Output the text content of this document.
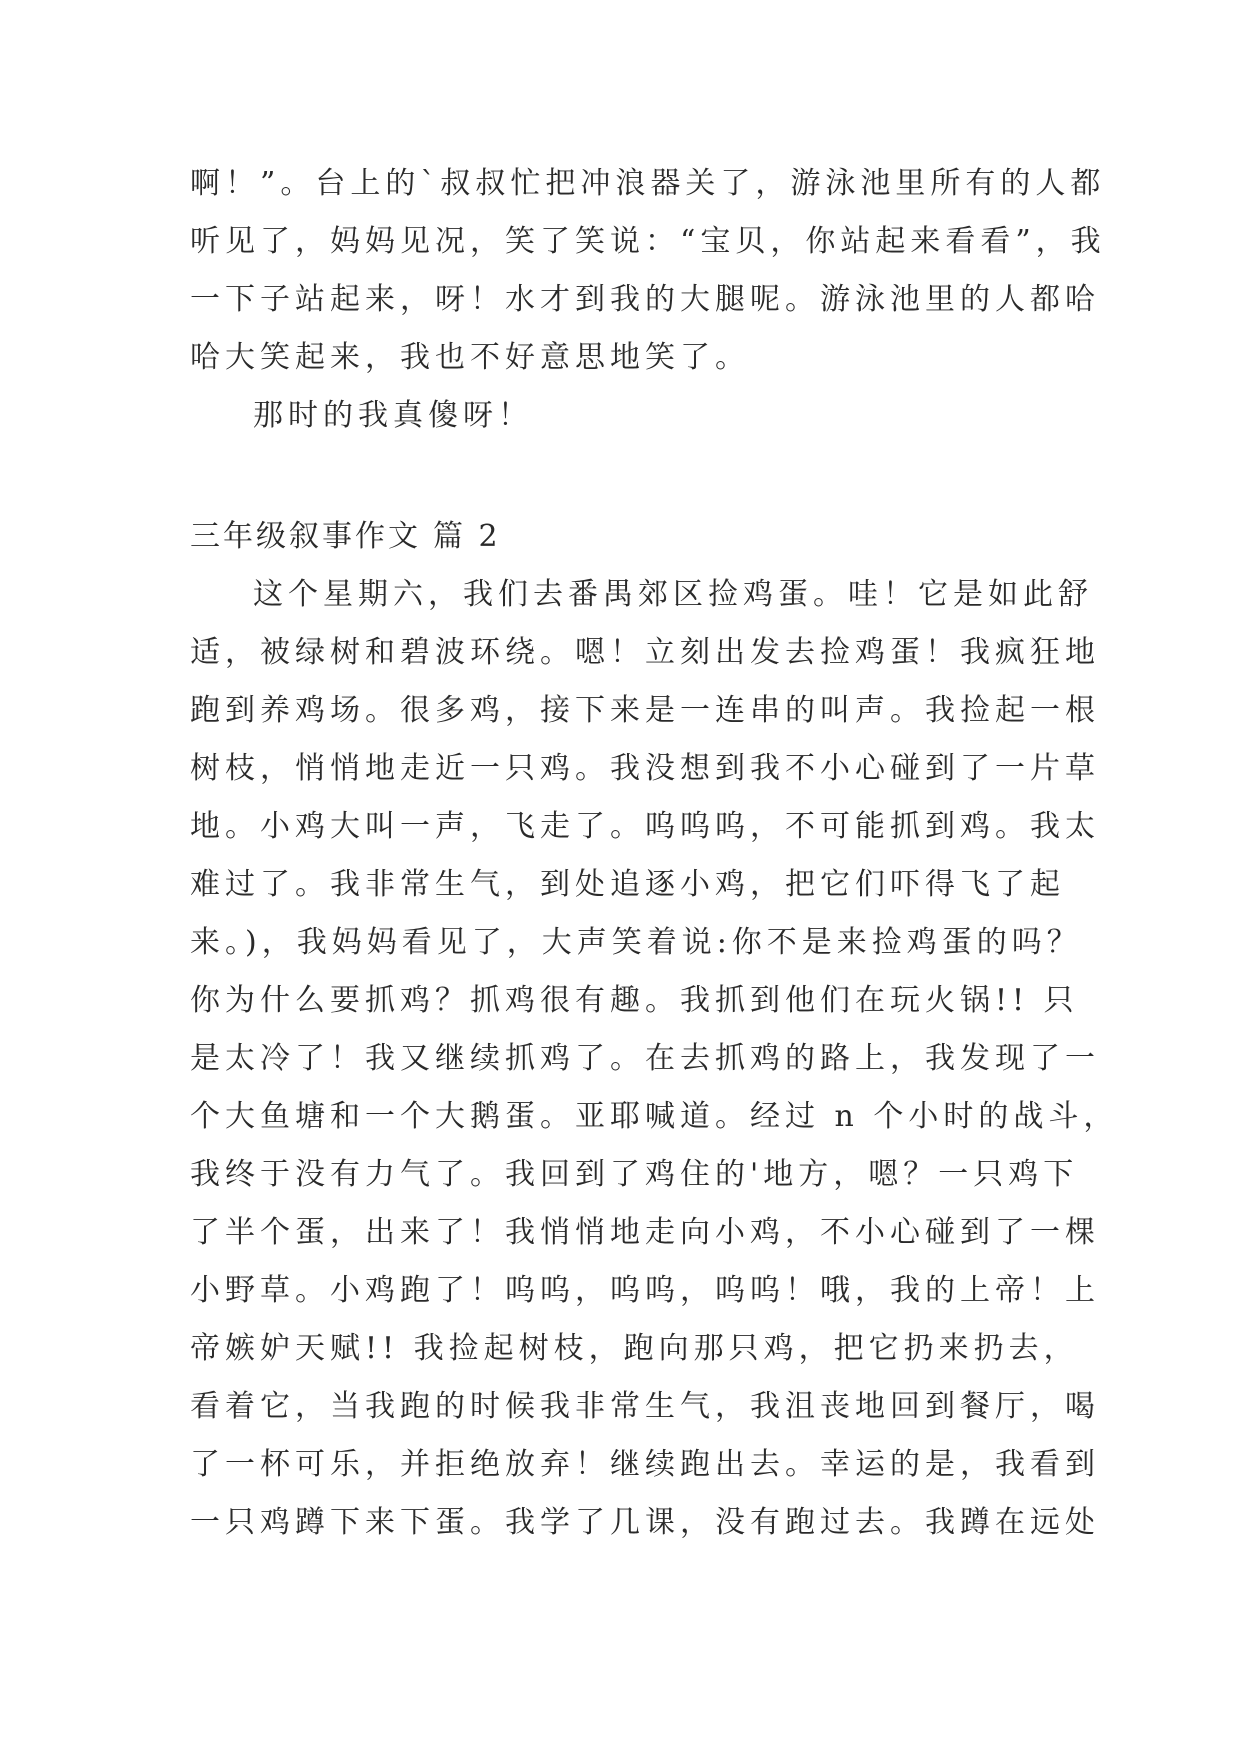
啊！”。台上的`叔叔忙把冲浪器关了，游泳池里所有的人都
听见了，妈妈见况，笑了笑说：“宝贝，你站起来看看”，我
一下子站起来，呀！水才到我的大腿呢。游泳池里的人都哈
哈大笑起来，我也不好意思地笑了。
那时的我真傻呀！
三年级叙事作文 篇 2
这个星期六，我们去番禺郊区捡鸡蛋。哇！它是如此舒
适，被绿树和碧波环绕。嗯！立刻出发去捡鸡蛋！我疯狂地
跑到养鸡场。很多鸡，接下来是一连串的叫声。我捡起一根
树枝，悄悄地走近一只鸡。我没想到我不小心碰到了一片草
地。小鸡大叫一声，飞走了。呜呜呜，不可能抓到鸡。我太
难过了。我非常生气，到处追逐小鸡，把它们吓得飞了起
来。)，我妈妈看见了，大声笑着说:你不是来捡鸡蛋的吗？
你为什么要抓鸡？抓鸡很有趣。我抓到他们在玩火锅!! 只
是太冷了！我又继续抓鸡了。在去抓鸡的路上，我发现了一
个大鱼塘和一个大鹅蛋。亚耶喊道。经过 n 个小时的战斗，
我终于没有力气了。我回到了鸡住的'地方，嗯？一只鸡下
了半个蛋，出来了！我悄悄地走向小鸡，不小心碰到了一棵
小野草。小鸡跑了！呜呜，呜呜，呜呜！哦，我的上帝！上
帝嫉妒天赋!! 我捡起树枝，跑向那只鸡，把它扔来扔去，
看着它，当我跑的时候我非常生气，我沮丧地回到餐厅，喝
了一杯可乐，并拒绝放弃！继续跑出去。幸运的是，我看到
一只鸡蹲下来下蛋。我学了几课，没有跑过去。我蹲在远处
